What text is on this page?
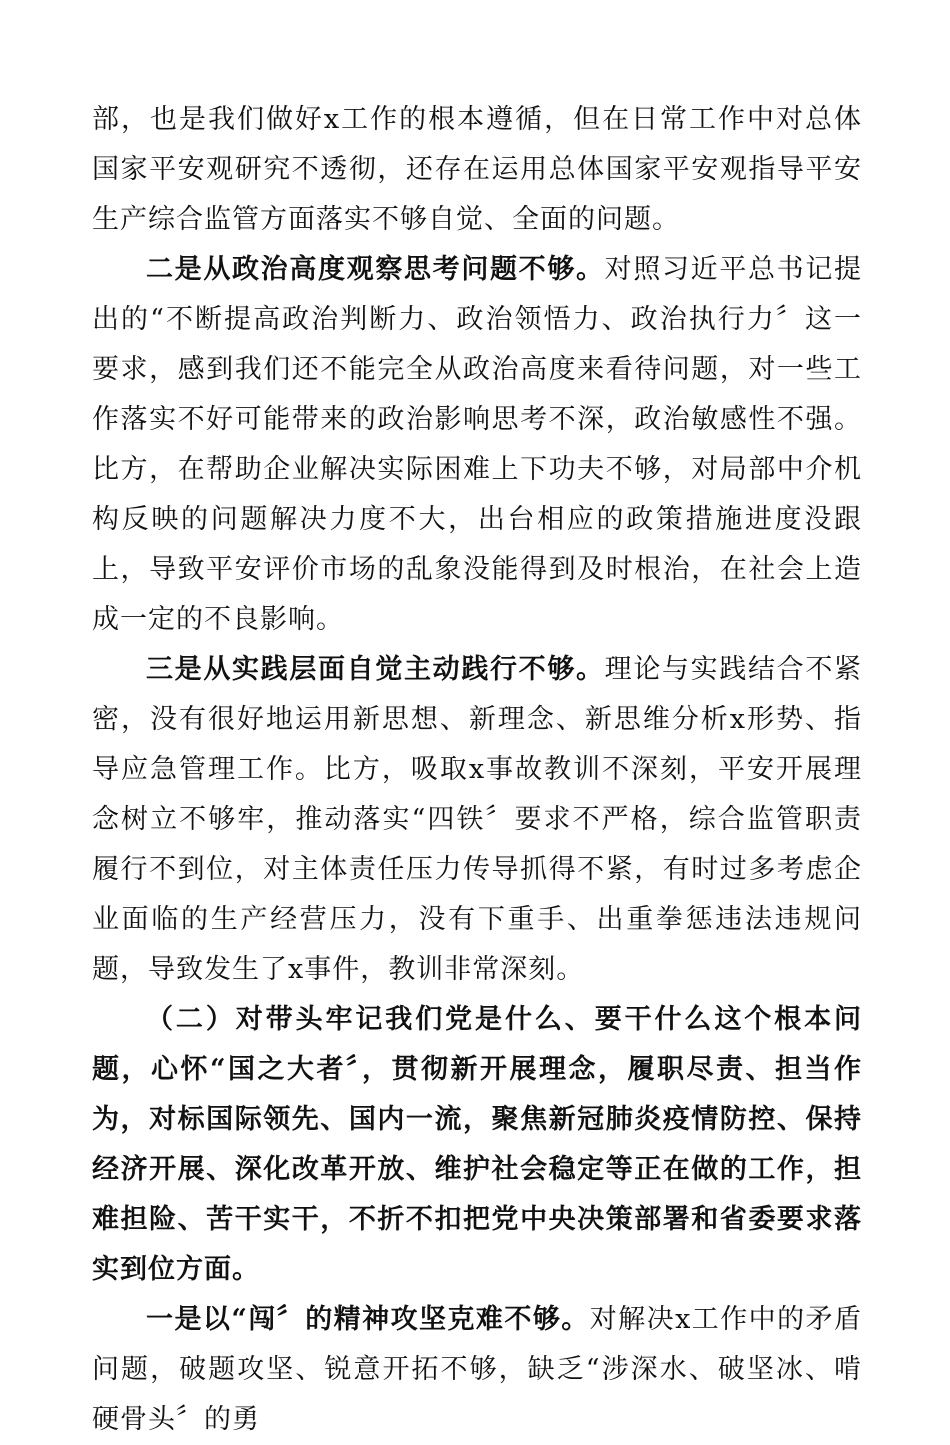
部，也是我们做好x工作的根本遵循，但在日常工作中对总体国家平安观研究不透彻，还存在运用总体国家平安观指导平安生产综合监管方面落实不够自觉、全面的问题。

二是从政治高度观察思考问题不够。对照习近平总书记提出的“不断提高政治判断力、政治领悟力、政治执行力〞这一要求，感到我们还不能完全从政治高度来看待问题，对一些工作落实不好可能带来的政治影响思考不深，政治敏感性不强。比方，在帮助企业解决实际困难上下功夫不够，对局部中介机构反映的问题解决力度不大，出台相应的政策措施进度没跟上，导致平安评价市场的乱象没能得到及时根治，在社会上造成一定的不良影响。

三是从实践层面自觉主动践行不够。理论与实践结合不紧密，没有很好地运用新思想、新理念、新思维分析x形势、指导应急管理工作。比方，吸取x事故教训不深刻，平安开展理念树立不够牢，推动落实“四铁〞要求不严格，综合监管职责履行不到位，对主体责任压力传导抓得不紧，有时过多考虑企业面临的生产经营压力，没有下重手、出重拳惩违法违规问题，导致发生了x事件，教训非常深刻。

（二）对带头牢记我们党是什么、要干什么这个根本问题，心怀“国之大者〞，贯彻新开展理念，履职尽责、担当作为，对标国际领先、国内一流，聚焦新冠肺炎疫情防控、保持经济开展、深化改革开放、维护社会稳定等正在做的工作，担难担险、苦干实干，不折不扣把党中央决策部署和省委要求落实到位方面。

一是以“闯〞的精神攻坚克难不够。对解决x工作中的矛盾问题，破题攻坚、锐意开拓不够，缺乏“涉深水、破坚冰、啃硬骨头〞的勇
